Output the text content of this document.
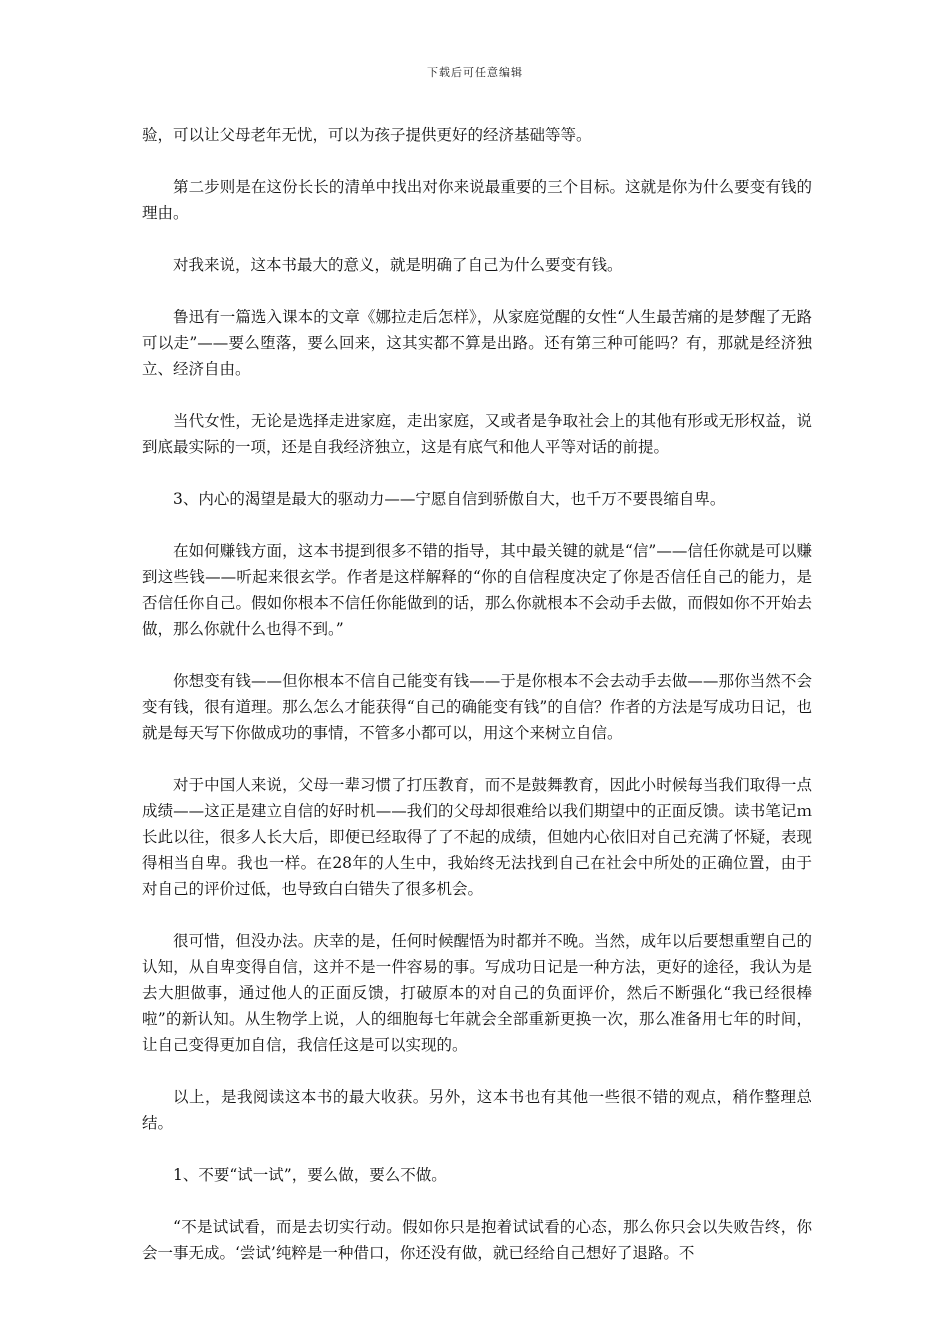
下载后可任意编辑

验，可以让父母老年无忧，可以为孩子提供更好的经济基础等等。

第二步则是在这份长长的清单中找出对你来说最重要的三个目标。这就是你为什么要变有钱的理由。

对我来说，这本书最大的意义，就是明确了自己为什么要变有钱。

鲁迅有一篇选入课本的文章《娜拉走后怎样》，从家庭觉醒的女性“人生最苦痛的是梦醒了无路可以走”——要么堕落，要么回来，这其实都不算是出路。还有第三种可能吗？有，那就是经济独立、经济自由。

当代女性，无论是选择走进家庭，走出家庭，又或者是争取社会上的其他有形或无形权益，说到底最实际的一项，还是自我经济独立，这是有底气和他人平等对话的前提。

3、内心的渴望是最大的驱动力——宁愿自信到骄傲自大，也千万不要畏缩自卑。

在如何赚钱方面，这本书提到很多不错的指导，其中最关键的就是“信”——信任你就是可以赚到这些钱——听起来很玄学。作者是这样解释的“你的自信程度决定了你是否信任自己的能力，是否信任你自己。假如你根本不信任你能做到的话，那么你就根本不会动手去做，而假如你不开始去做，那么你就什么也得不到。”

你想变有钱——但你根本不信自己能变有钱——于是你根本不会去动手去做——那你当然不会变有钱，很有道理。那么怎么才能获得“自己的确能变有钱”的自信？作者的方法是写成功日记，也就是每天写下你做成功的事情，不管多小都可以，用这个来树立自信。

对于中国人来说，父母一辈习惯了打压教育，而不是鼓舞教育，因此小时候每当我们取得一点成绩——这正是建立自信的好时机——我们的父母却很难给以我们期望中的正面反馈。读书笔记ｍ长此以往，很多人长大后，即便已经取得了了不起的成绩，但她内心依旧对自己充满了怀疑，表现得相当自卑。我也一样。在28年的人生中，我始终无法找到自己在社会中所处的正确位置，由于对自己的评价过低，也导致白白错失了很多机会。

很可惜，但没办法。庆幸的是，任何时候醒悟为时都并不晚。当然，成年以后要想重塑自己的认知，从自卑变得自信，这并不是一件容易的事。写成功日记是一种方法，更好的途径，我认为是去大胆做事，通过他人的正面反馈，打破原本的对自己的负面评价，然后不断强化“我已经很棒啦”的新认知。从生物学上说，人的细胞每七年就会全部重新更换一次，那么准备用七年的时间，让自己变得更加自信，我信任这是可以实现的。

以上，是我阅读这本书的最大收获。另外，这本书也有其他一些很不错的观点，稍作整理总结。

1、不要“试一试”，要么做，要么不做。

“不是试试看，而是去切实行动。假如你只是抱着试试看的心态，那么你只会以失败告终，你会一事无成。‘尝试’纯粹是一种借口，你还没有做，就已经给自己想好了退路。不
